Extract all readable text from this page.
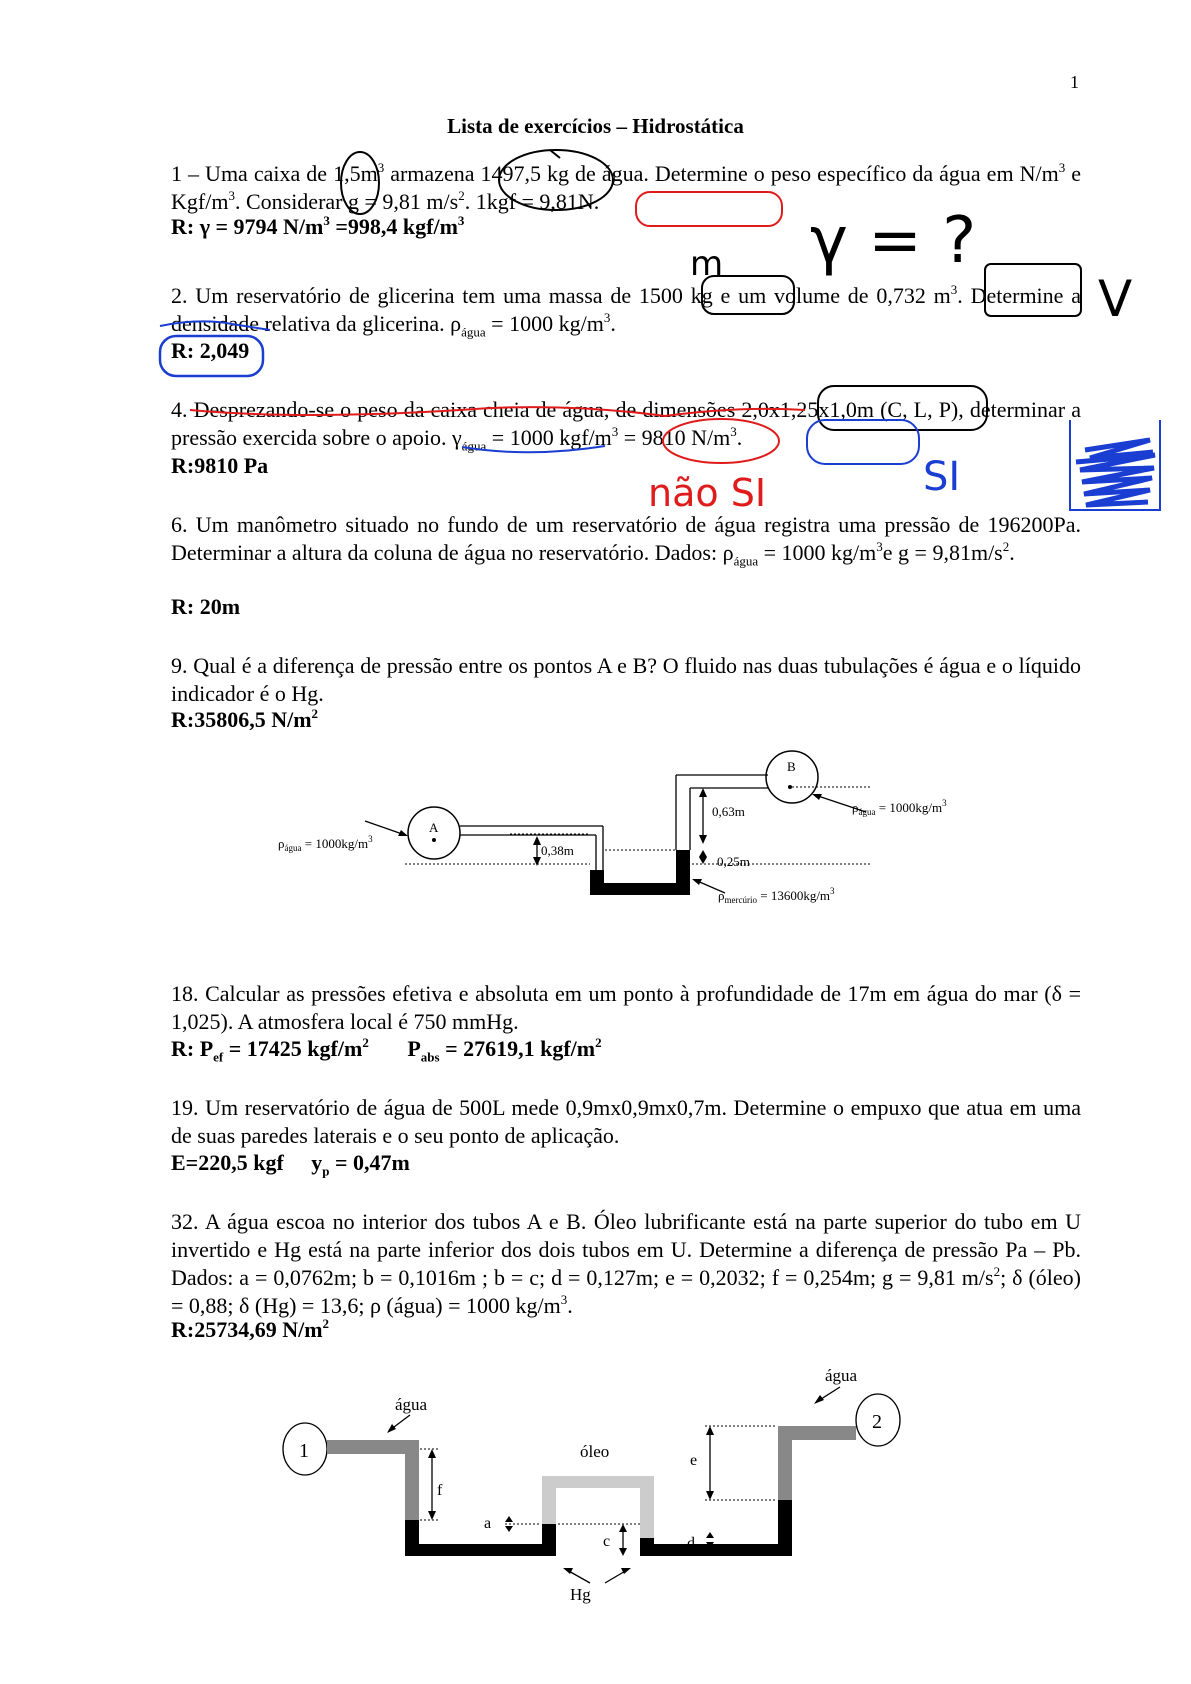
1
Lista de exercícios – Hidrostática
1 – Uma caixa de $1,5m^3$ armazena 1497,5 kg de água. Determine o peso específico da água em $N/m^3$ e Kgf/$m^3$. Considerar g = 9,81 $m/s^2$. 1kgf = 9,81N.
R: γ = 9794 $N/m^3 =998,4$ kgf/$m^3$
2. Um reservatório de glicerina tem uma massa de 1500 kg e um volume de 0,732 $m^3$. Determine a densidade relativa da glicerina. $\rho_{água} = 1000$ $kg/m^3$.
R: 2,049
4. Desprezando-se o peso da caixa cheia de água, de dimensões 2,0x1,25x1,0m (C, L, P), determinar a pressão exercida sobre o apoio. $\gamma_{água} = 1000$ kgf/$m^3 = 9810$ $N/m^3$.
R:9810 Pa
6. Um manômetro situado no fundo de um reservatório de água registra uma pressão de 196200Pa. Determinar a altura da coluna de água no reservatório. Dados: $\rho_{água} = 1000$ $kg/m^3e$ $g = 9,81m/s^2$.
R: 20m
9. Qual é a diferença de pressão entre os pontos A e B? O fluido nas duas tubulações é água e o líquido indicador é o Hg.
R:35806,5 $N/m^2$
A
$\rho_{água} = 1000kg/m^3$
B
0,38m
0,63m
0,25m
$\rho_{água} = 1000kg/m^3$
$\rho_{mercúrio} = 13600kg/m^3$
18. Calcular as pressões efetiva e absoluta em um ponto à profundidade de 17m em água do mar (δ = 1,025). A atmosfera local é 750 mmHg.
R: $P_{ef} = 17425$ kgf/$m^2$       $P_{abs} = 27619,1$ kgf/$m^2$
19. Um reservatório de água de 500L mede 0,9mx0,9mx0,7m. Determine o empuxo que atua em uma de suas paredes laterais e o seu ponto de aplicação.
E=220,5 kgf     $y_p = 0,47m$
32. A água escoa no interior dos tubos A e B. Óleo lubrificante está na parte superior do tubo em U invertido e Hg está na parte inferior dos dois tubos em U. Determine a diferença de pressão Pa – Pb. Dados: a = 0,0762m; b = 0,1016m ; b = c; d = 0,127m; e = 0,2032; f = 0,254m; g = 9,81 $m/s^2$; δ (óleo) = 0,88; δ (Hg) = 13,6; ρ (água) = 1000 $kg/m^3$.
R:25734,69 $N/m^2$
1
2
água
água
óleo
Hg
f
a
c	d
e
γ = ?
m
V
não SI	SI
